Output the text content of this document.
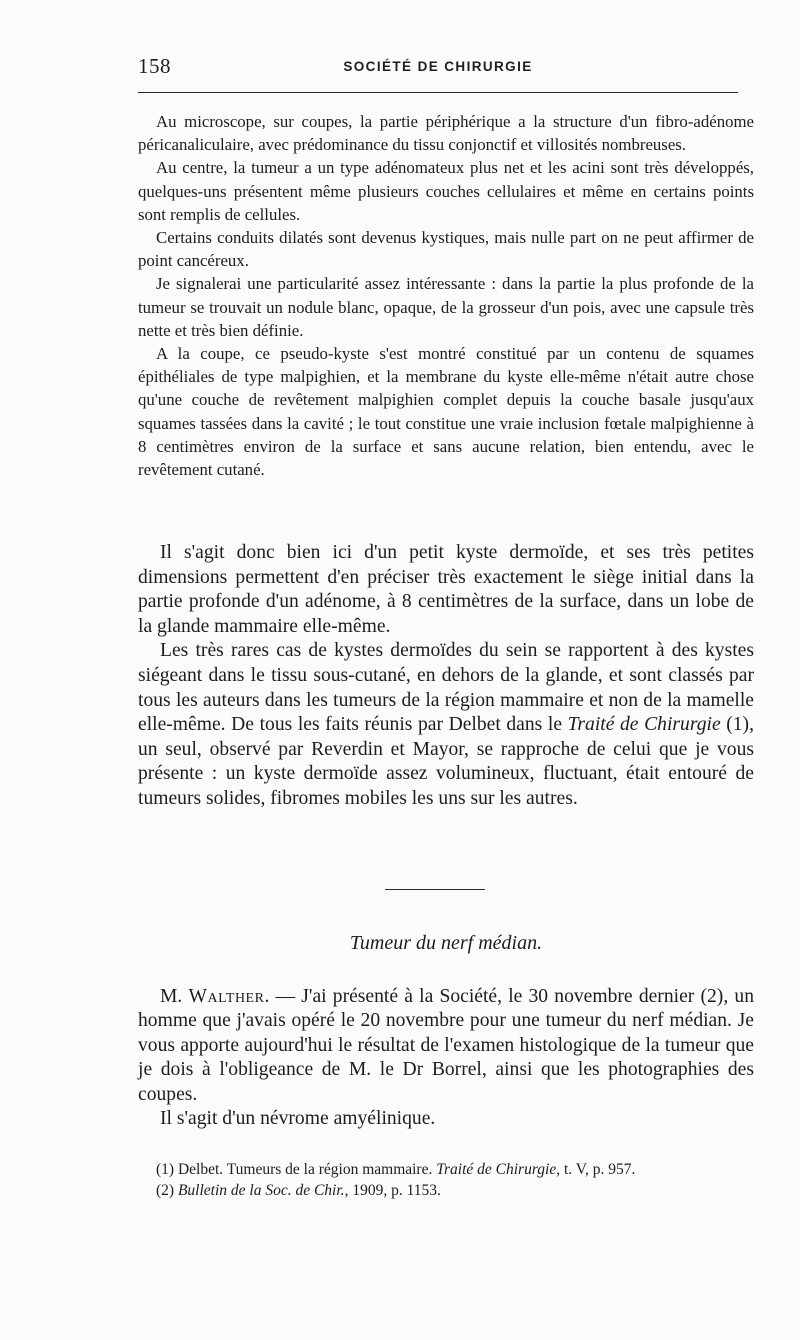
158	SOCIÉTÉ DE CHIRURGIE

Au microscope, sur coupes, la partie périphérique a la structure d'un fibro-adénome péricanaliculaire, avec prédominance du tissu conjonctif et villosités nombreuses.

Au centre, la tumeur a un type adénomateux plus net et les acini sont très développés, quelques-uns présentent même plusieurs couches cellulaires et même en certains points sont remplis de cellules.

Certains conduits dilatés sont devenus kystiques, mais nulle part on ne peut affirmer de point cancéreux.

Je signalerai une particularité assez intéressante : dans la partie la plus profonde de la tumeur se trouvait un nodule blanc, opaque, de la grosseur d'un pois, avec une capsule très nette et très bien définie.

A la coupe, ce pseudo-kyste s'est montré constitué par un contenu de squames épithéliales de type malpighien, et la membrane du kyste elle-même n'était autre chose qu'une couche de revêtement malpighien complet depuis la couche basale jusqu'aux squames tassées dans la cavité ; le tout constitue une vraie inclusion fœtale malpighienne à 8 centimètres environ de la surface et sans aucune relation, bien entendu, avec le revêtement cutané.

Il s'agit donc bien ici d'un petit kyste dermoïde, et ses très petites dimensions permettent d'en préciser très exactement le siège initial dans la partie profonde d'un adénome, à 8 centimètres de la surface, dans un lobe de la glande mammaire elle-même.

Les très rares cas de kystes dermoïdes du sein se rapportent à des kystes siégeant dans le tissu sous-cutané, en dehors de la glande, et sont classés par tous les auteurs dans les tumeurs de la région mammaire et non de la mamelle elle-même. De tous les faits réunis par Delbet dans le Traité de Chirurgie (1), un seul, observé par Reverdin et Mayor, se rapproche de celui que je vous présente : un kyste dermoïde assez volumineux, fluctuant, était entouré de tumeurs solides, fibromes mobiles les uns sur les autres.

Tumeur du nerf médian.

M. Walther. — J'ai présenté à la Société, le 30 novembre dernier (2), un homme que j'avais opéré le 20 novembre pour une tumeur du nerf médian. Je vous apporte aujourd'hui le résultat de l'examen histologique de la tumeur que je dois à l'obligeance de M. le Dr Borrel, ainsi que les photographies des coupes.

Il s'agit d'un névrome amyélinique.

(1) Delbet. Tumeurs de la région mammaire. Traité de Chirurgie, t. V, p. 957.

(2) Bulletin de la Soc. de Chir., 1909, p. 1153.
